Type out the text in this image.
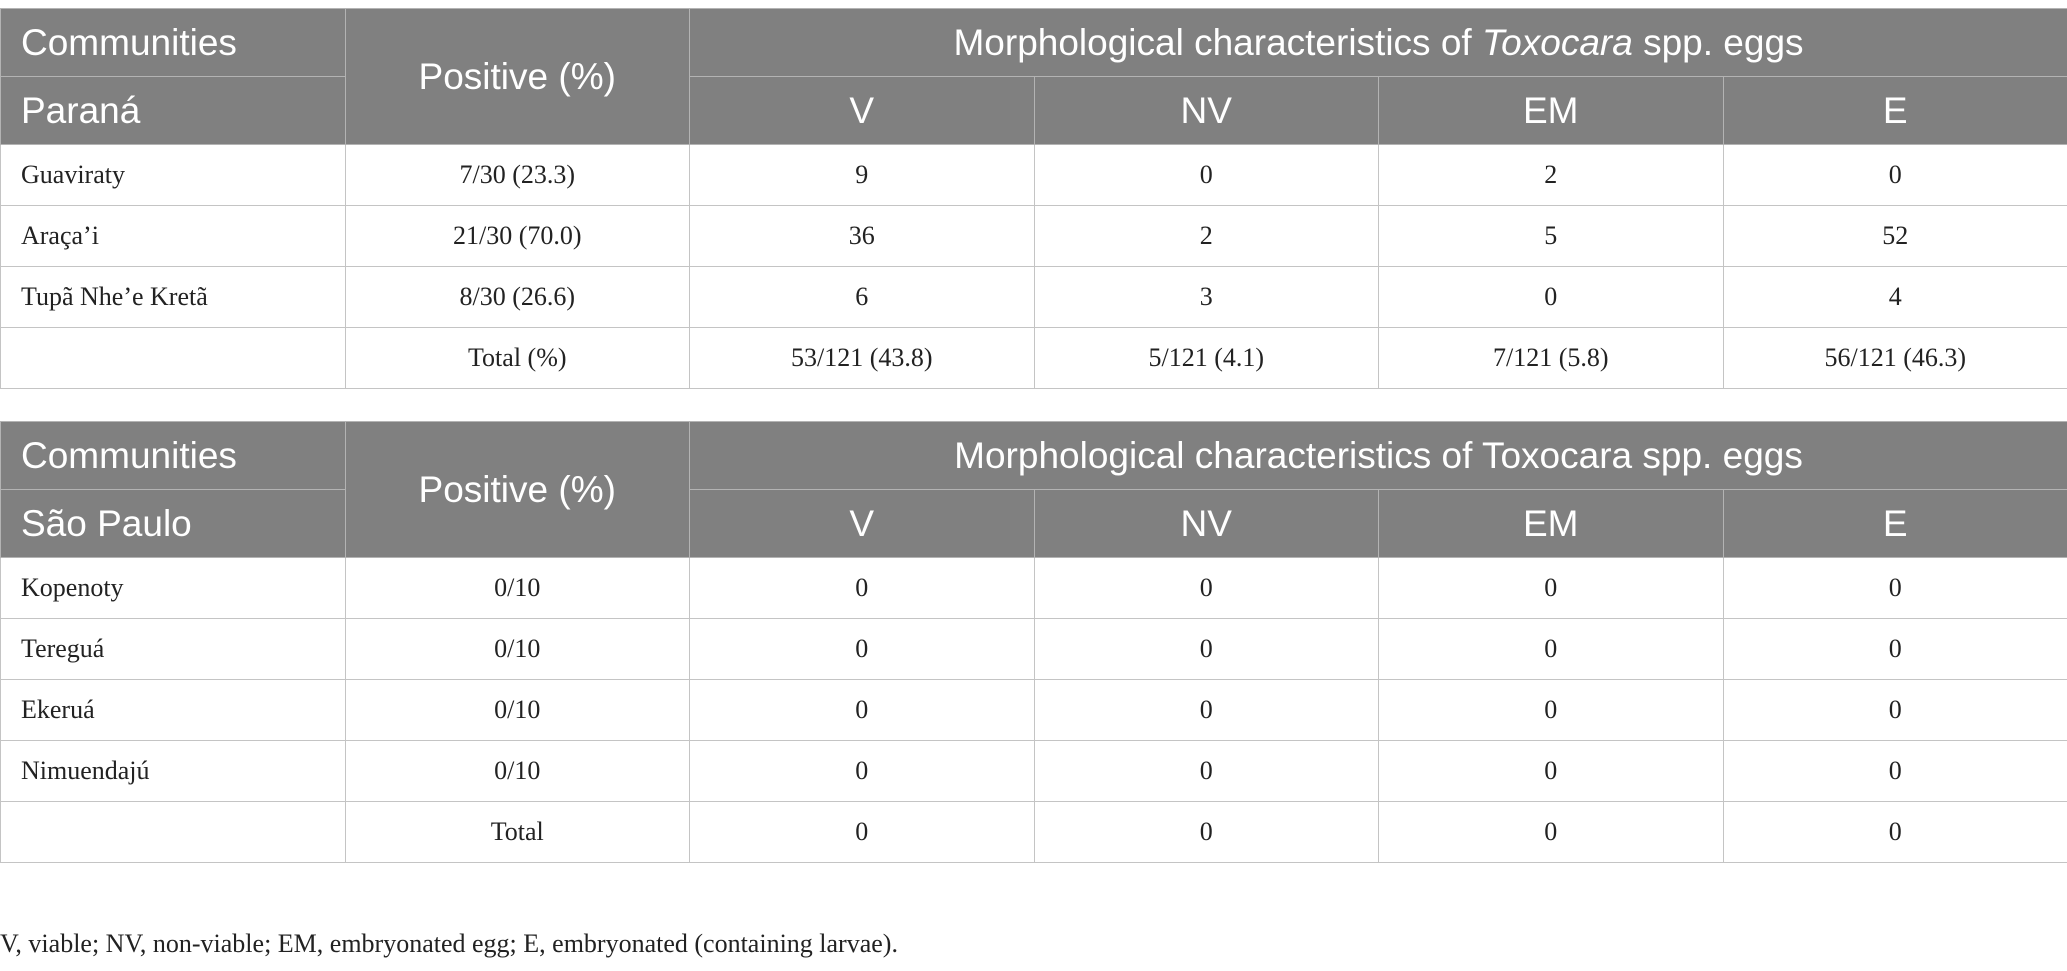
Communities	Positive (%)	Morphological characteristics of Toxocara spp. eggs			
Paraná		V	NV	EM	E
Guaviraty	7/30 (23.3)	9	0	2	0
Araça’i	21/30 (70.0)	36	2	5	52
Tupã Nhe’e Kretã	8/30 (26.6)	6	3	0	4
	Total (%)	53/121 (43.8)	5/121 (4.1)	7/121 (5.8)	56/121 (46.3)
Communities	Positive (%)	Morphological characteristics of Toxocara spp. eggs			
São Paulo		V	NV	EM	E
Kopenoty	0/10	0	0	0	0
Tereguá	0/10	0	0	0	0
Ekeruá	0/10	0	0	0	0
Nimuendajú	0/10	0	0	0	0
	Total	0	0	0	0
V, viable; NV, non-viable; EM, embryonated egg; E, embryonated (containing larvae).
